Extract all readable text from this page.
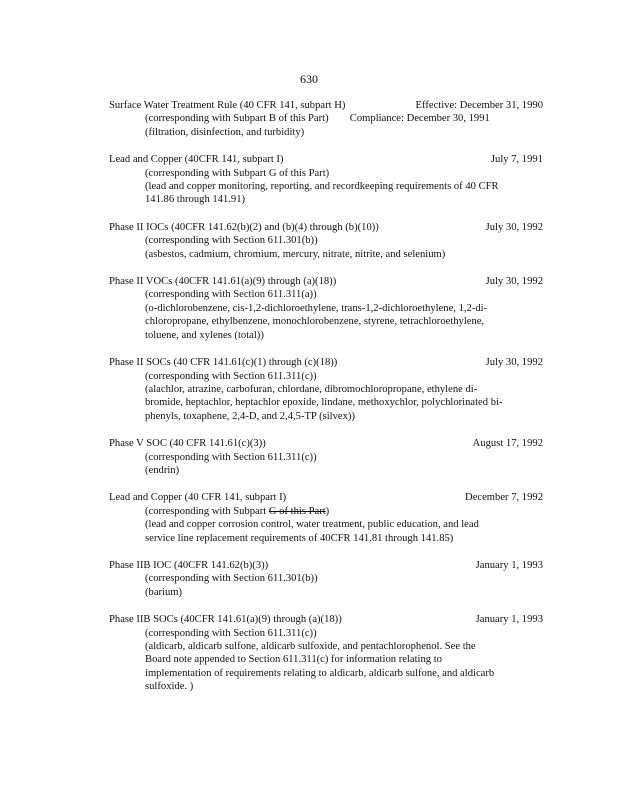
630
Surface Water Treatment Rule (40 CFR 141, subpart H)	Effective: December 31, 1990
(corresponding with Subpart B of this Part)        Compliance: December 30, 1991
(filtration, disinfection, and turbidity)
Lead and Copper (40CFR 141, subpart I)	July 7, 1991
(corresponding with Subpart G of this Part)
(lead and copper monitoring, reporting, and recordkeeping requirements of 40 CFR
141.86 through 141.91)
Phase II IOCs (40CFR 141.62(b)(2) and (b)(4) through (b)(10))	July 30, 1992
(corresponding with Section 611.301(b))
(asbestos, cadmium, chromium, mercury, nitrate, nitrite, and selenium)
Phase II VOCs (40CFR 141.61(a)(9) through (a)(18))	July 30, 1992
(corresponding with Section 611.311(a))
(o-dichlorobenzene, cis-1,2-dichloroethylene, trans-1,2-dichloroethylene, 1,2-di-
chloropropane, ethylbenzene, monochlorobenzene, styrene, tetrachloroethylene,
toluene, and xylenes (total))
Phase II SOCs (40 CFR 141.61(c)(1) through (c)(18))	July 30, 1992
(corresponding with Section 611.311(c))
(alachlor, atrazine, carbofuran, chlordane, dibromochloropropane, ethylene di-
bromide, heptachlor, heptachlor epoxide, lindane, methoxychlor, polychlorinated bi-
phenyls, toxaphene, 2,4-D, and 2,4,5-TP (silvex))
Phase V SOC (40 CFR 141.61(c)(3))	August 17, 1992
(corresponding with Section 611.311(c))
(endrin)
Lead and Copper (40 CFR 141, subpart I)	December 7, 1992
(corresponding with Subpart G of this Part)
(lead and copper corrosion control, water treatment, public education, and lead
service line replacement requirements of 40CFR 141.81 through 141.85)
Phase IIB IOC (40CFR 141.62(b)(3))	January 1, 1993
(corresponding with Section 611.301(b))
(barium)
Phase IIB SOCs (40CFR 141.61(a)(9) through (a)(18))	January 1, 1993
(corresponding with Section 611.311(c))
(aldicarb, aldicarb sulfone, aldicarb sulfoxide, and pentachlorophenol. See the
Board note appended to Section 611.311(c) for information relating to
implementation of requirements relating to aldicarb, aldicarb sulfone, and aldicarb
sulfoxide. )
